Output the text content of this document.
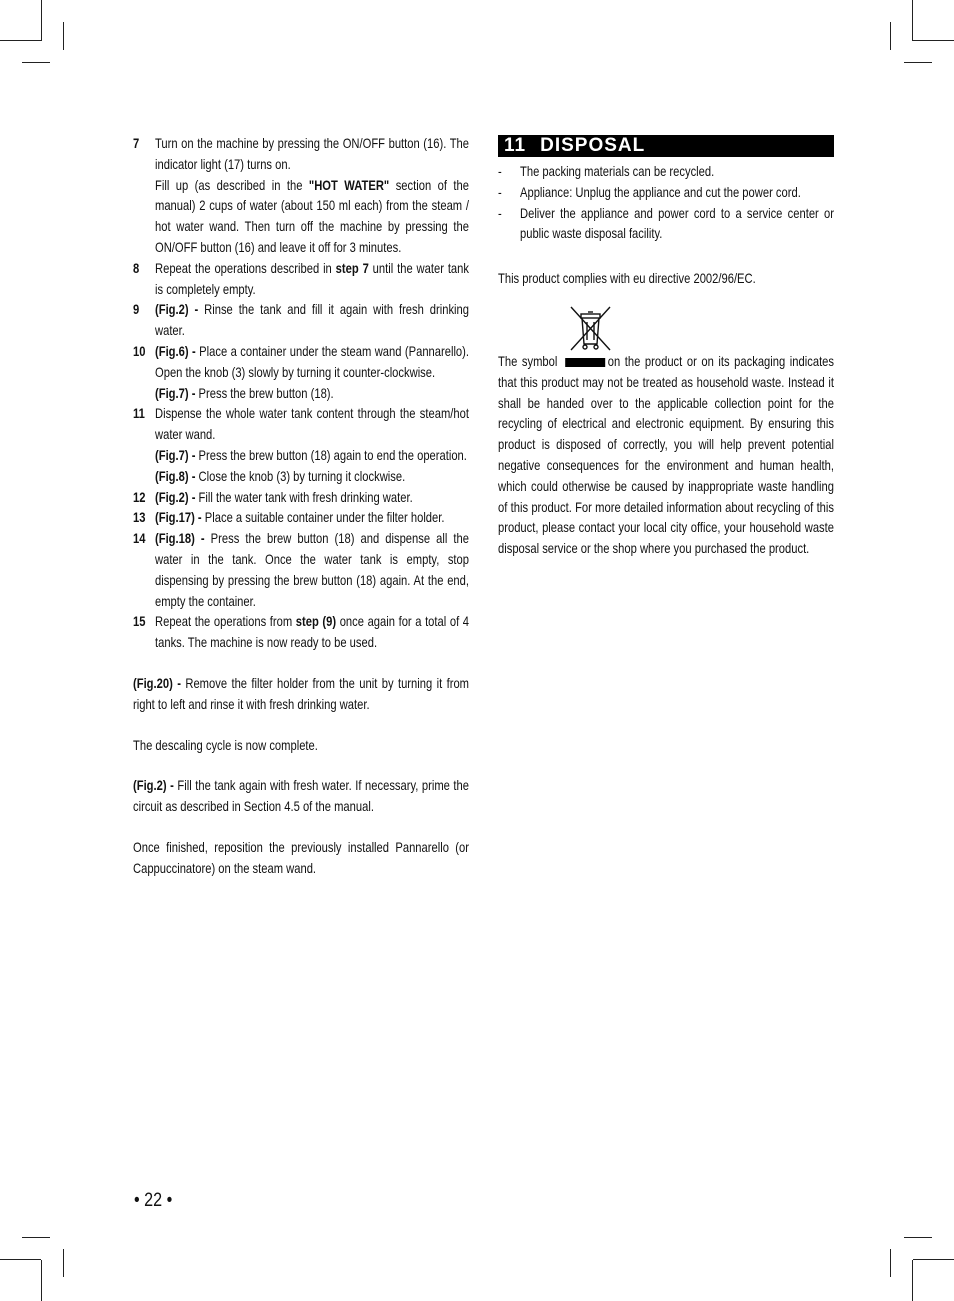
7 Turn on the machine by pressing the ON/OFF button (16). The indicator light (17) turns on.

Fill up (as described in the "HOT WATER" section of the manual) 2 cups of water (about 150 ml each) from the steam / hot water wand. Then turn off the machine by pressing the ON/OFF button (16) and leave it off for 3 minutes.

8 Repeat the operations described in step 7 until the water tank is completely empty.

9 (Fig.2) - Rinse the tank and fill it again with fresh drinking water.

10 (Fig.6) - Place a container under the steam wand (Pannarello). Open the knob (3) slowly by turning it counter-clockwise.

(Fig.7) - Press the brew button (18).

11 Dispense the whole water tank content through the steam/hot water wand.

(Fig.7) - Press the brew button (18) again to end the operation.

(Fig.8) - Close the knob (3) by turning it clockwise.

12 (Fig.2) - Fill the water tank with fresh drinking water.

13 (Fig.17) - Place a suitable container under the filter holder.

14 (Fig.18) - Press the brew button (18) and dispense all the water in the tank. Once the water tank is empty, stop dispensing by pressing the brew button (18) again. At the end, empty the container.

15 Repeat the operations from step (9) once again for a total of 4 tanks. The machine is now ready to be used.

(Fig.20) - Remove the filter holder from the unit by turning it from right to left and rinse it with fresh drinking water.

The descaling cycle is now complete.

(Fig.2) - Fill the tank again with fresh water. If necessary, prime the circuit as described in Section 4.5 of the manual.

Once finished, reposition the previously installed Pannarello (or Cappuccinatore) on the steam wand.

11 DISPOSAL

- The packing materials can be recycled.

- Appliance: Unplug the appliance and cut the power cord.

- Deliver the appliance and power cord to a service center or public waste disposal facility.

This product complies with eu directive 2002/96/EC.

The symbol	on the product or on its packaging indicates that this product may not be treated as household waste. Instead it shall be handed over to the applicable collection point for the recycling of electrical and electronic equipment. By ensuring this product is disposed of correctly, you will help prevent potential negative consequences for the environment and human health, which could otherwise be caused by inappropriate waste handling of this product. For more detailed information about recycling of this product, please contact your local city office, your household waste disposal service or the shop where you purchased the product.

• 22 •
